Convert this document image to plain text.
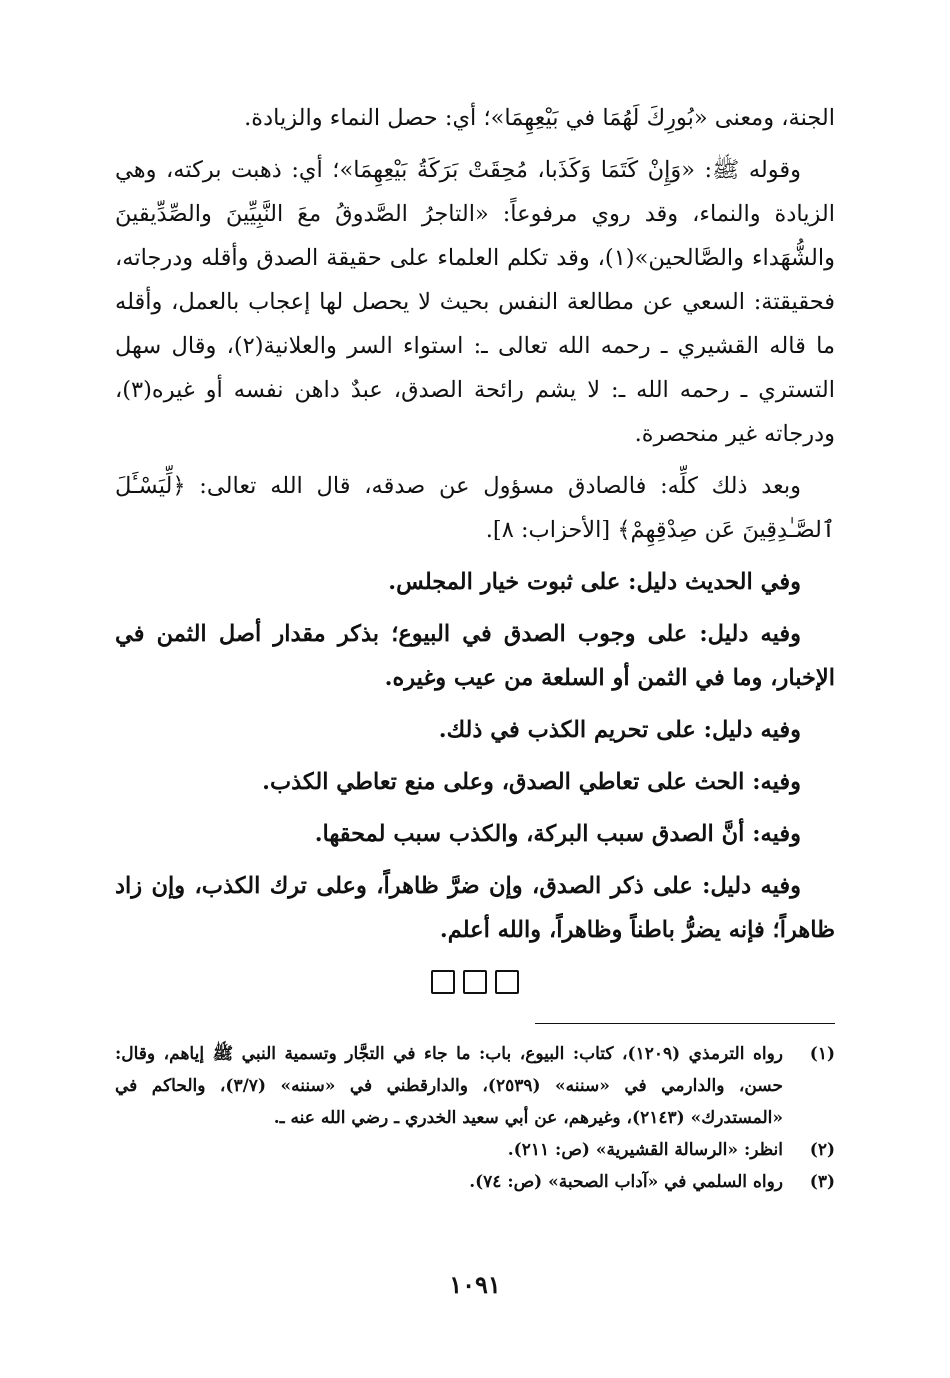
الجنة، ومعنى «بُورِكَ لَهُمَا في بَيْعِهِمَا»؛ أي: حصل النماء والزيادة.

وقوله ﷺ: «وَإِنْ كَتَمَا وَكَذَبا، مُحِقَتْ بَرَكَةُ بَيْعِهِمَا»؛ أي: ذهبت بركته، وهي الزيادة والنماء، وقد روي مرفوعاً: «التاجرُ الصَّدوقُ معَ النَّبِيِّينَ والصِّدِّيقينَ والشُّهَداء والصَّالحين»(١)، وقد تكلم العلماء على حقيقة الصدق وأقله ودرجاته، فحقيقتة: السعي عن مطالعة النفس بحيث لا يحصل لها إعجاب بالعمل، وأقله ما قاله القشيري ـ رحمه الله تعالى ـ: استواء السر والعلانية(٢)، وقال سهل التستري ـ رحمه الله ـ: لا يشم رائحة الصدق، عبدٌ داهن نفسه أو غيره(٣)، ودرجاته غير منحصرة.

وبعد ذلك كلِّه: فالصادق مسؤول عن صدقه، قال الله تعالى: ﴿لِّيَسْـَٔلَ ٱلصَّـٰدِقِينَ عَن صِدْقِهِمْ﴾ [الأحزاب: ٨].

وفي الحديث دليل: على ثبوت خيار المجلس.

وفيه دليل: على وجوب الصدق في البيوع؛ بذكر مقدار أصل الثمن في الإخبار، وما في الثمن أو السلعة من عيب وغيره.

وفيه دليل: على تحريم الكذب في ذلك.

وفيه: الحث على تعاطي الصدق، وعلى منع تعاطي الكذب.

وفيه: أنَّ الصدق سبب البركة، والكذب سبب لمحقها.

وفيه دليل: على ذكر الصدق، وإن ضرَّ ظاهراً، وعلى ترك الكذب، وإن زاد ظاهراً؛ فإنه يضرُّ باطناً وظاهراً، والله أعلم.

(١)
رواه الترمذي (١٢٠٩)، كتاب: البيوع، باب: ما جاء في التجَّار وتسمية النبي ﷺ إياهم، وقال: حسن، والدارمي في «سننه» (٢٥٣٩)، والدارقطني في «سننه» (٣/٧)، والحاكم في «المستدرك» (٢١٤٣)، وغيرهم، عن أبي سعيد الخدري ـ رضي الله عنه ـ.
(٢)
انظر: «الرسالة القشيرية» (ص: ٢١١).
(٣)
رواه السلمي في «آداب الصحبة» (ص: ٧٤).
١٠٩١
